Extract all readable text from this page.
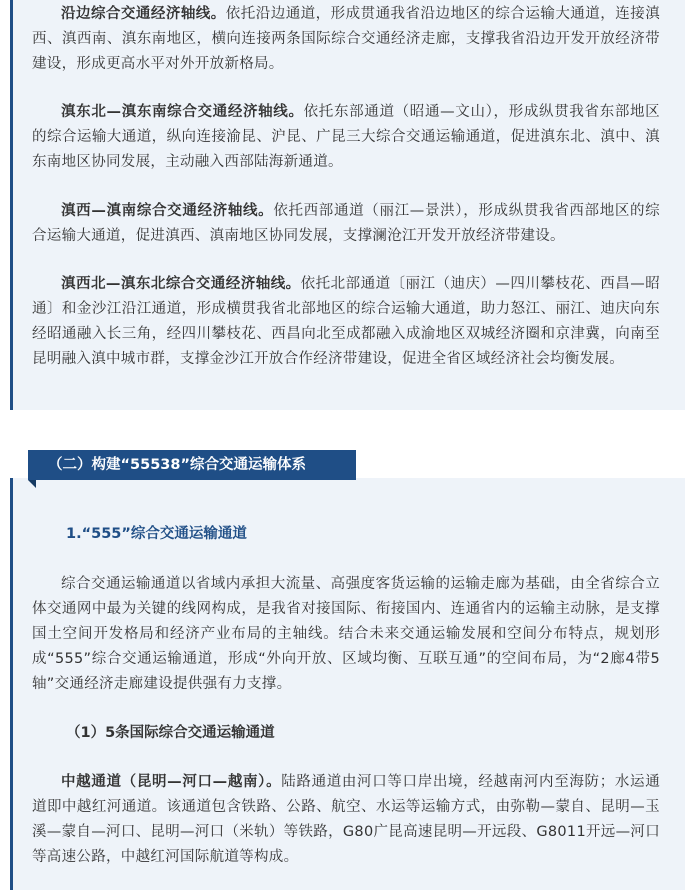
沿边综合交通经济轴线。依托沿边通道，形成贯通我省沿边地区的综合运输大通道，连接滇西、滇西南、滇东南地区，横向连接两条国际综合交通经济走廊，支撑我省沿边开发开放经济带建设，形成更高水平对外开放新格局。
滇东北—滇东南综合交通经济轴线。依托东部通道（昭通—文山），形成纵贯我省东部地区的综合运输大通道，纵向连接渝昆、沪昆、广昆三大综合交通运输通道，促进滇东北、滇中、滇东南地区协同发展，主动融入西部陆海新通道。
滇西—滇南综合交通经济轴线。依托西部通道（丽江—景洪），形成纵贯我省西部地区的综合运输大通道，促进滇西、滇南地区协同发展，支撑澜沧江开发开放经济带建设。
滇西北—滇东北综合交通经济轴线。依托北部通道〔丽江（迪庆）—四川攀枝花、西昌—昭通〕和金沙江沿江通道，形成横贯我省北部地区的综合运输大通道，助力怒江、丽江、迪庆向东经昭通融入长三角，经四川攀枝花、西昌向北至成都融入成渝地区双城经济圈和京津冀，向南至昆明融入滇中城市群，支撑金沙江开放合作经济带建设，促进全省区域经济社会均衡发展。
（二）构建“55538”综合交通运输体系
1.“555”综合交通运输通道
综合交通运输通道以省域内承担大流量、高强度客货运输的运输走廊为基础，由全省综合立体交通网中最为关键的线网构成，是我省对接国际、衔接国内、连通省内的运输主动脉，是支撑国土空间开发格局和经济产业布局的主轴线。结合未来交通运输发展和空间分布特点，规划形成“555”综合交通运输通道，形成“外向开放、区域均衡、互联互通”的空间布局，为“2廊4带5轴”交通经济走廊建设提供强有力支撑。
（1）5条国际综合交通运输通道
中越通道（昆明—河口—越南）。陆路通道由河口等口岸出境，经越南河内至海防；水运通道即中越红河通道。该通道包含铁路、公路、航空、水运等运输方式，由弥勒—蒙自、昆明—玉溪—蒙自—河口、昆明—河口（米轨）等铁路，G80广昆高速昆明—开远段、G8011开远—河口等高速公路，中越红河国际航道等构成。
